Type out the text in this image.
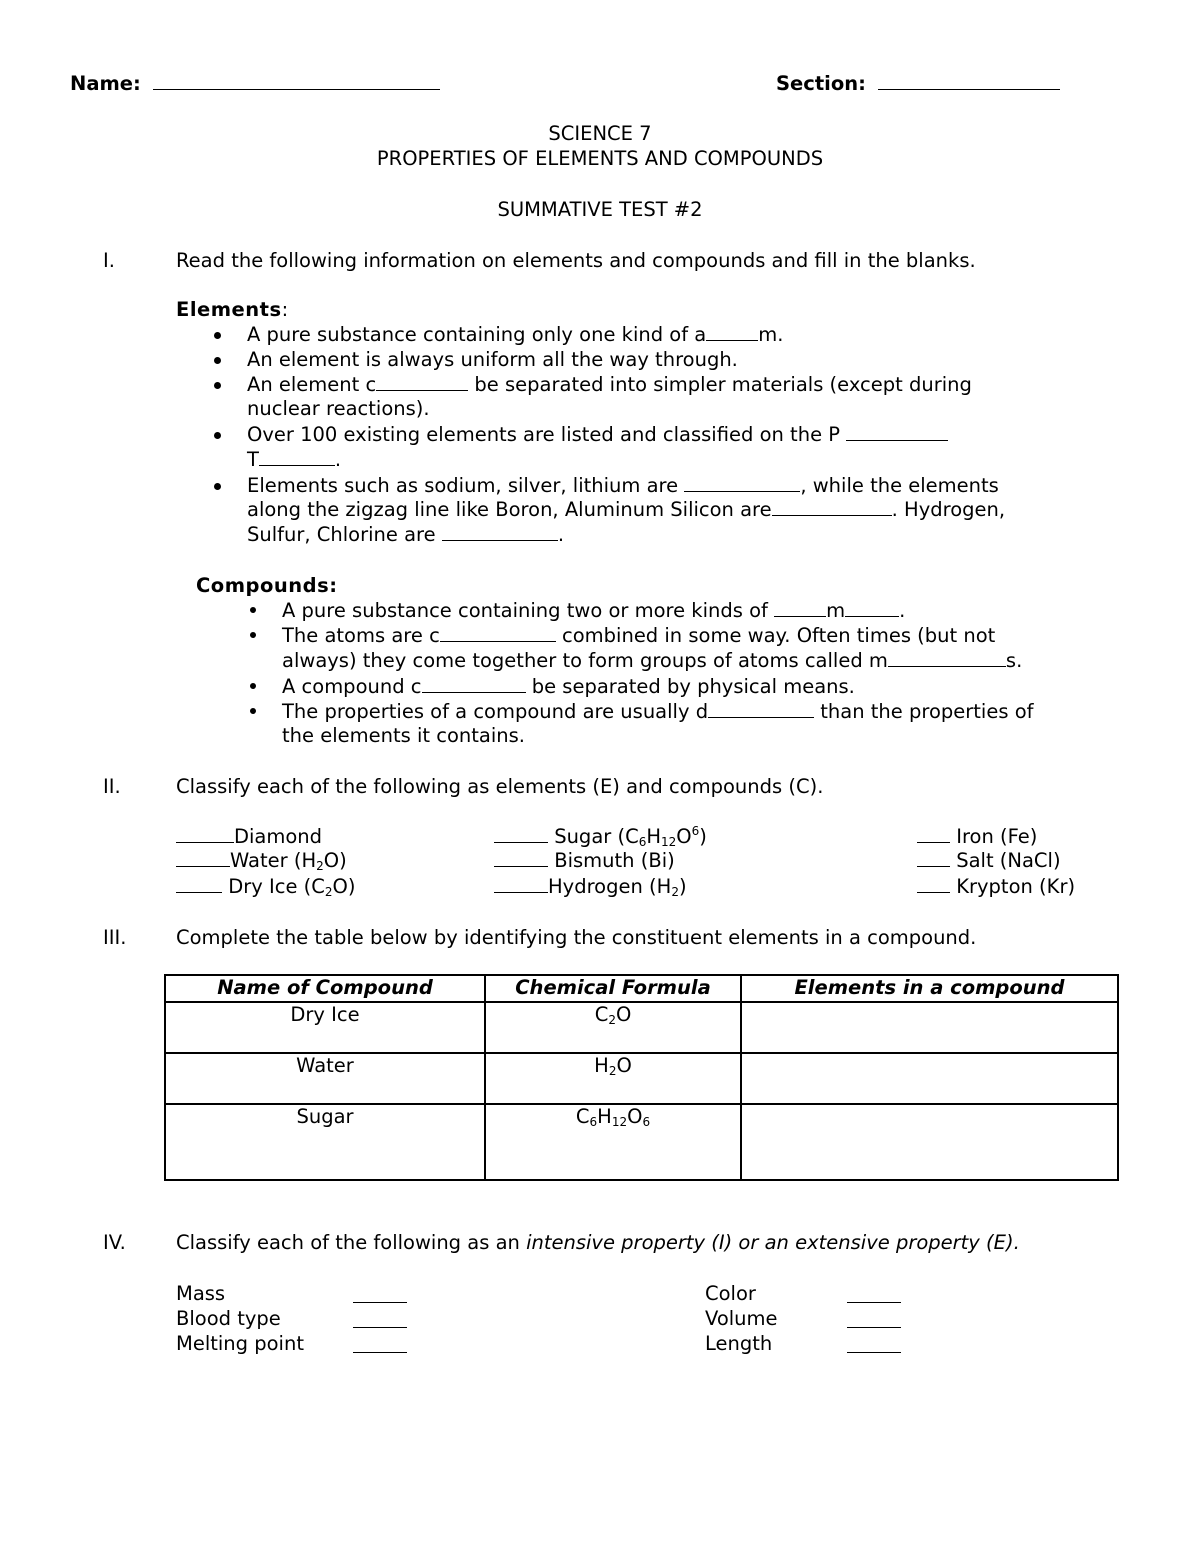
Name:	Section:
SCIENCE 7
PROPERTIES OF ELEMENTS AND COMPOUNDS
SUMMATIVE TEST #2
I.	Read the following information on elements and compounds and fill in the blanks.
Elements:
A pure substance containing only one kind of a	m.
An element is always uniform all the way through.
An element c	be separated into simpler materials (except during
nuclear reactions).
Over 100 existing elements are listed and classified on the P
T	.
Elements such as sodium, silver, lithium are	, while the elements
along the zigzag line like Boron, Aluminum Silicon are	. Hydrogen,
Sulfur, Chlorine are	.
Compounds:
A pure substance containing two or more kinds of	m	.
The atoms are c	combined in some way. Often times (but not
always) they come together to form groups of atoms called m	s.
A compound c	be separated by physical means.
The properties of a compound are usually d	than the properties of
the elements it contains.
II.	Classify each of the following as elements (E) and compounds (C).
Diamond
Water $(H_2O)$
Dry Ice $(C_2O)$
Sugar $(C_6H_{12}O^6)$
Bismuth (Bi)
Hydrogen $(H_2)$
Iron (Fe)
Salt (NaCl)
Krypton (Kr)
III.	Complete the table below by identifying the constituent elements in a compound.
Name of Compound	Chemical Formula	Elements in a compound
Dry Ice	$C_2O$	
Water	$H_2O$	
Sugar	$C_6H_{12}O_6$	
IV.	Classify each of the following as an intensive property (I) or an extensive property (E).
Mass
Blood type
Melting point
Color
Volume
Length
